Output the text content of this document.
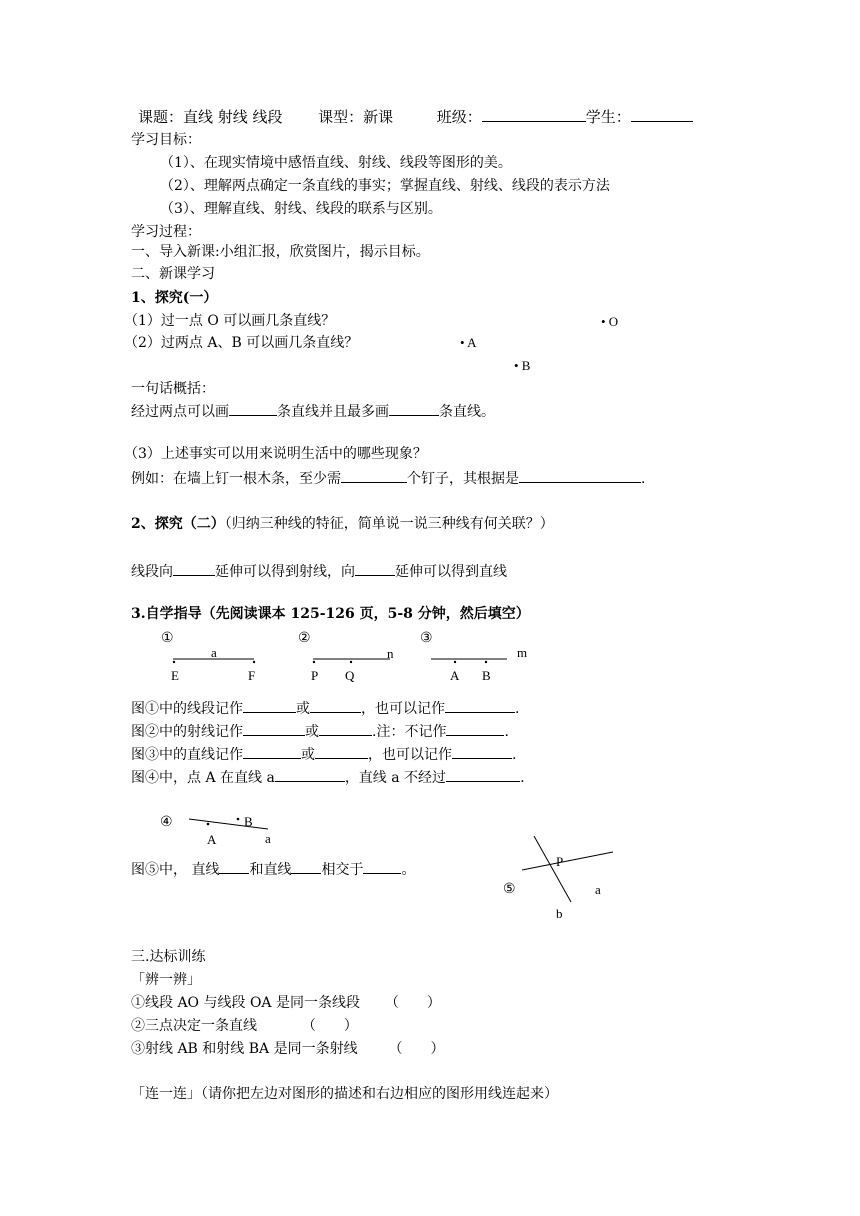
课题：直线 射线 线段 课型：新课	班级：	学生：
学习目标：
（1）、在现实情境中感悟直线、射线、线段等图形的美。
（2）、理解两点确定一条直线的事实；掌握直线、射线、线段的表示方法
（3）、理解直线、射线、线段的联系与区别。
学习过程：
一、导入新课:小组汇报，欣赏图片，揭示目标。
二、新课学习
1、探究(一）
（1）过一点 O 可以画几条直线？	• O
（2）过两点 A、B 可以画几条直线？	• A
• B
一句话概括：
经过两点可以画	条直线并且最多画	条直线。
（3）上述事实可以用来说明生活中的哪些现象？
例如：在墙上钉一根木条，至少需	个钉子，其根据是	.
2、探究（二）（归纳三种线的特征，简单说一说三种线有何关联？）
线段向	延伸可以得到射线，向	延伸可以得到直线
3.自学指导（先阅读课本 125-126 页，5-8 分钟，然后填空）
①	②	③
a
E	F
n
P Q
m
A B
图①中的线段记作	或	，也可以记作	.
图②中的射线记作	或	.注：不记作	.
图③中的直线记作	或	，也可以记作	.
图④中，点 A 在直线 a	，直线 a 不经过	.
④	B
A	a
图⑤中， 直线 和直线 相交于	。
P
⑤	a
b
三.达标训练
「辨一辨」
①线段 AO 与线段 OA 是同一条线段 （　　）
②三点决定一条直线	（　　）
③射线 AB 和射线 BA 是同一条射线 （　　）
「连一连」（请你把左边对图形的描述和右边相应的图形用线连起来）
